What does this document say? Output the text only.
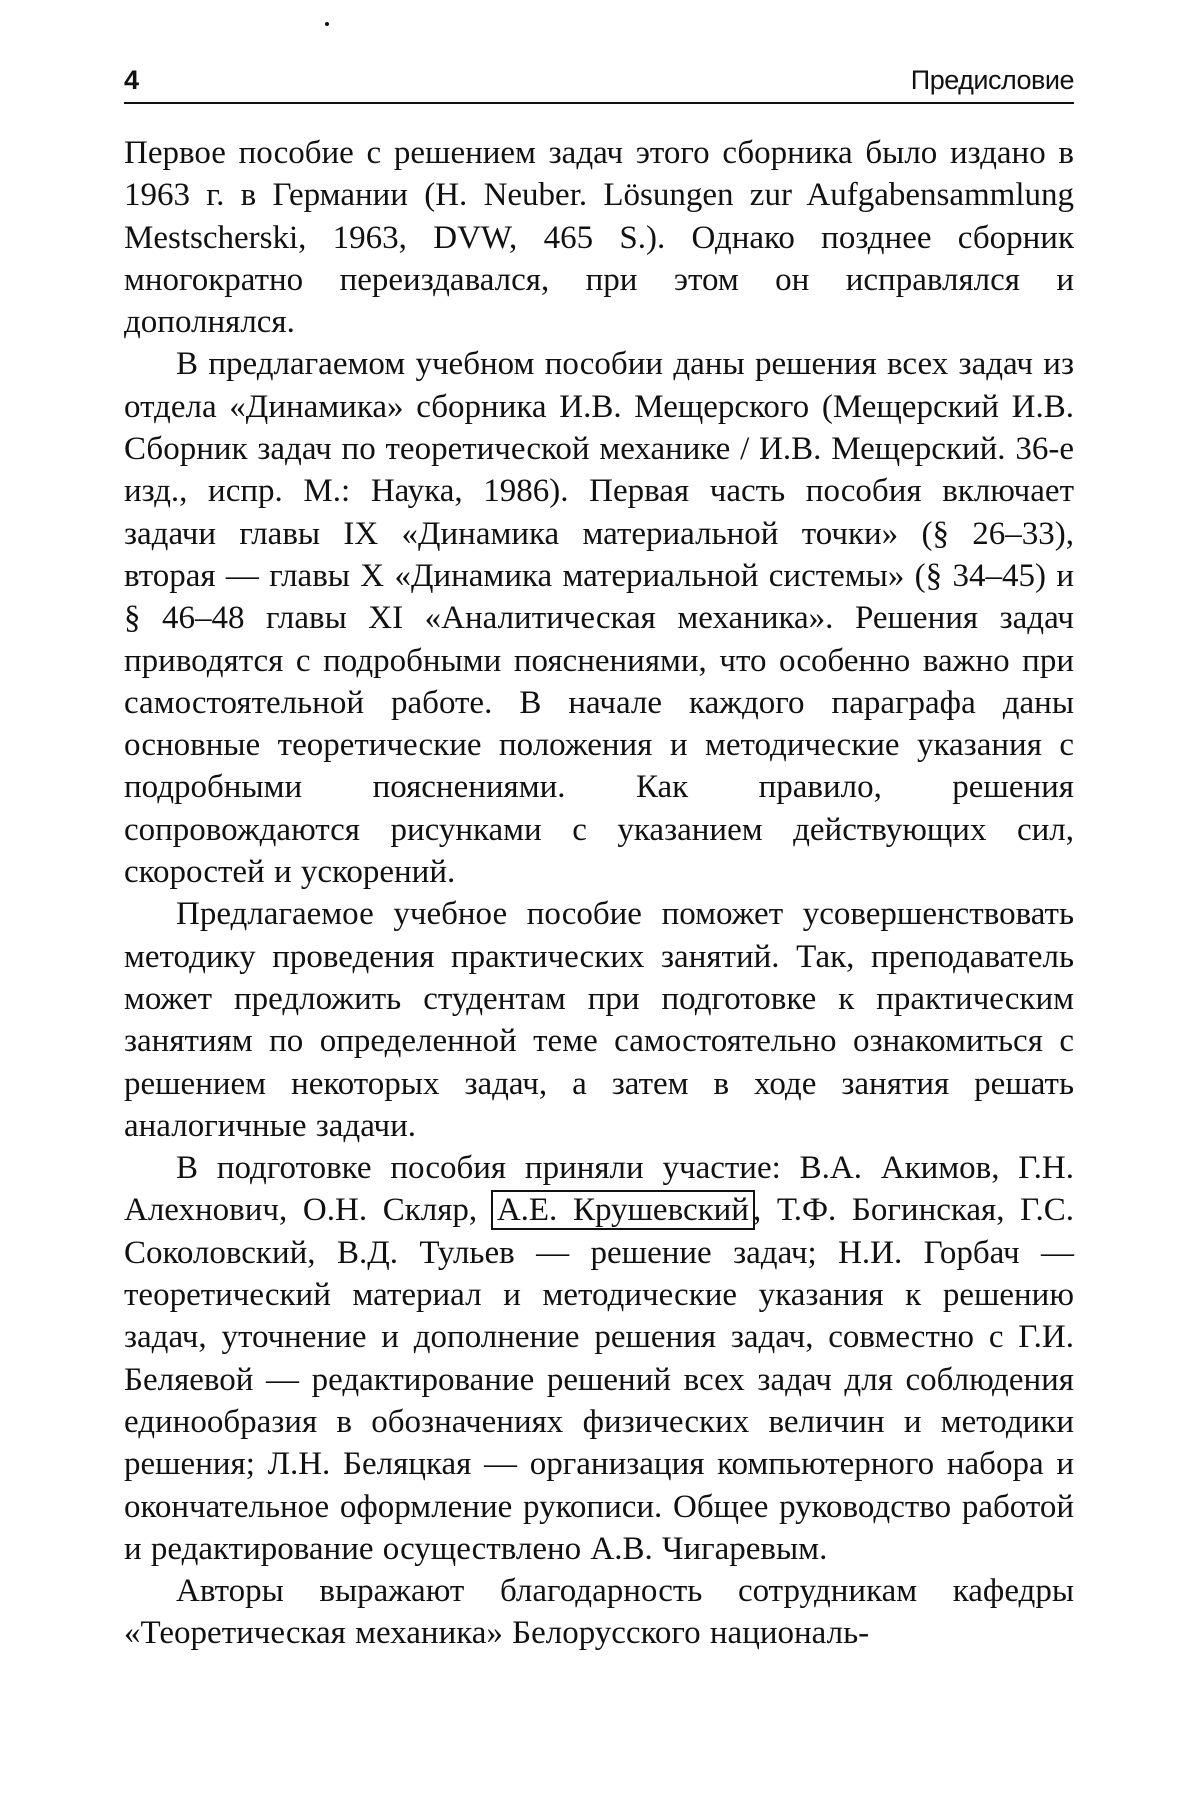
4	Предисловие

Первое пособие с решением задач этого сборника было издано в 1963 г. в Германии (H. Neuber. Lösungen zur Aufgabensammlung Mestscherski, 1963, DVW, 465 S.). Однако позднее сборник многократно переиздавался, при этом он исправлялся и дополнялся.

В предлагаемом учебном пособии даны решения всех задач из отдела «Динамика» сборника И.В. Мещерского (Мещерский И.В. Сборник задач по теоретической механике / И.В. Мещерский. 36-е изд., испр. М.: Наука, 1986). Первая часть пособия включает задачи главы IX «Динамика материальной точки» (§ 26–33), вторая — главы X «Динамика материальной системы» (§ 34–45) и § 46–48 главы XI «Аналитическая механика». Решения задач приводятся с подробными пояснениями, что особенно важно при самостоятельной работе. В начале каждого параграфа даны основные теоретические положения и методические указания с подробными пояснениями. Как правило, решения сопровождаются рисунками с указанием действующих сил, скоростей и ускорений.

Предлагаемое учебное пособие поможет усовершенствовать методику проведения практических занятий. Так, преподаватель может предложить студентам при подготовке к практическим занятиям по определенной теме самостоятельно ознакомиться с решением некоторых задач, а затем в ходе занятия решать аналогичные задачи.

В подготовке пособия приняли участие: В.А. Акимов, Г.Н. Алехнович, О.Н. Скляр, А.Е. Крушевский , Т.Ф. Богинская, Г.С. Соколовский, В.Д. Тульев — решение задач; Н.И. Горбач — теоретический материал и методические указания к решению задач, уточнение и дополнение решения задач, совместно с Г.И. Беляевой — редактирование решений всех задач для соблюдения единообразия в обозначениях физических величин и методики решения; Л.Н. Беляцкая — организация компьютерного набора и окончательное оформление рукописи. Общее руководство работой и редактирование осуществлено А.В. Чигаревым.

Авторы выражают благодарность сотрудникам кафедры «Теоретическая механика» Белорусского националь-
